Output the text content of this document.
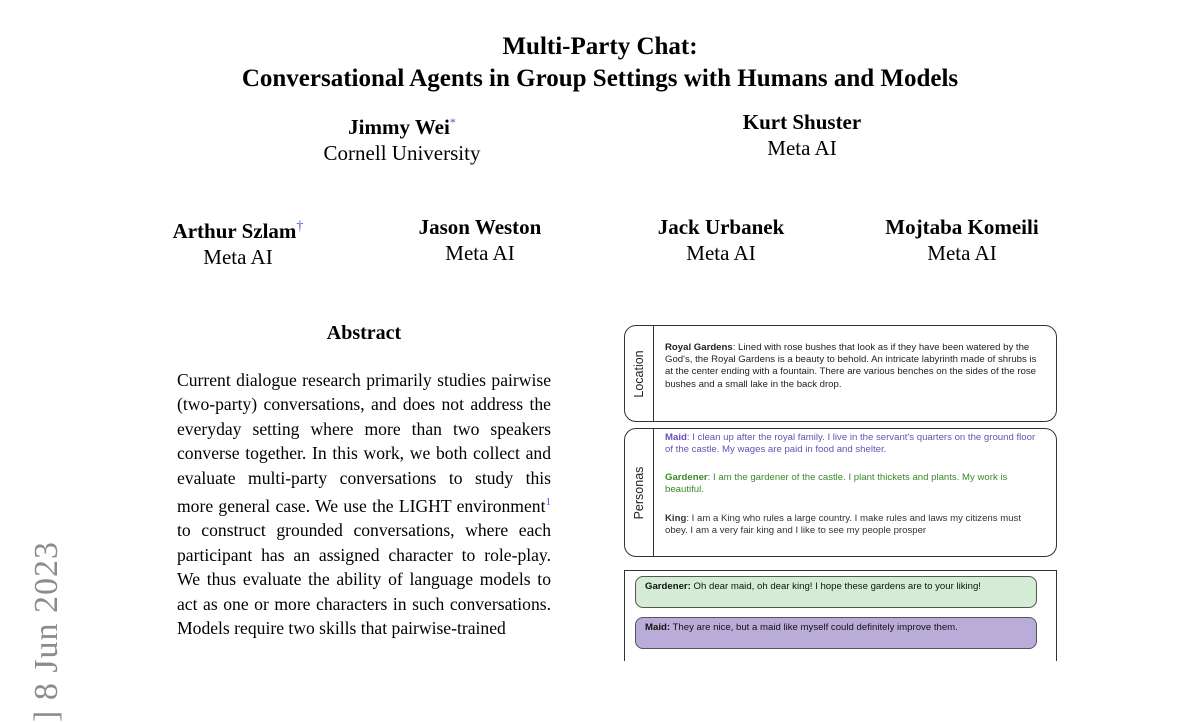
] 8 Jun 2023
Multi-Party Chat:
Conversational Agents in Group Settings with Humans and Models
Jimmy Wei*
Cornell University
Kurt Shuster
Meta AI
Arthur Szlam†
Meta AI
Jason Weston
Meta AI
Jack Urbanek
Meta AI
Mojtaba Komeili
Meta AI
Abstract
Current dialogue research primarily studies pairwise (two-party) conversations, and does not address the everyday setting where more than two speakers converse together. In this work, we both collect and evaluate multi-party conversations to study this more general case. We use the LIGHT environment$^1$ to construct grounded conversations, where each participant has an assigned character to role-play. We thus evaluate the ability of language models to act as one or more characters in such conversations. Models require two skills that pairwise-trained
Location
Royal Gardens: Lined with rose bushes that look as if they have been watered by the God's, the Royal Gardens is a beauty to behold. An intricate labyrinth made of shrubs is at the center ending with a fountain. There are various benches on the sides of the rose bushes and a small lake in the back drop.
Personas
Maid: I clean up after the royal family. I live in the servant's quarters on the ground floor of the castle. My wages are paid in food and shelter.
Gardener: I am the gardener of the castle. I plant thickets and plants. My work is beautiful.
King: I am a King who rules a large country. I make rules and laws my citizens must obey. I am a very fair king and I like to see my people prosper
Gardener: Oh dear maid, oh dear king! I hope these gardens are to your liking!
Maid: They are nice, but a maid like myself could definitely improve them.
